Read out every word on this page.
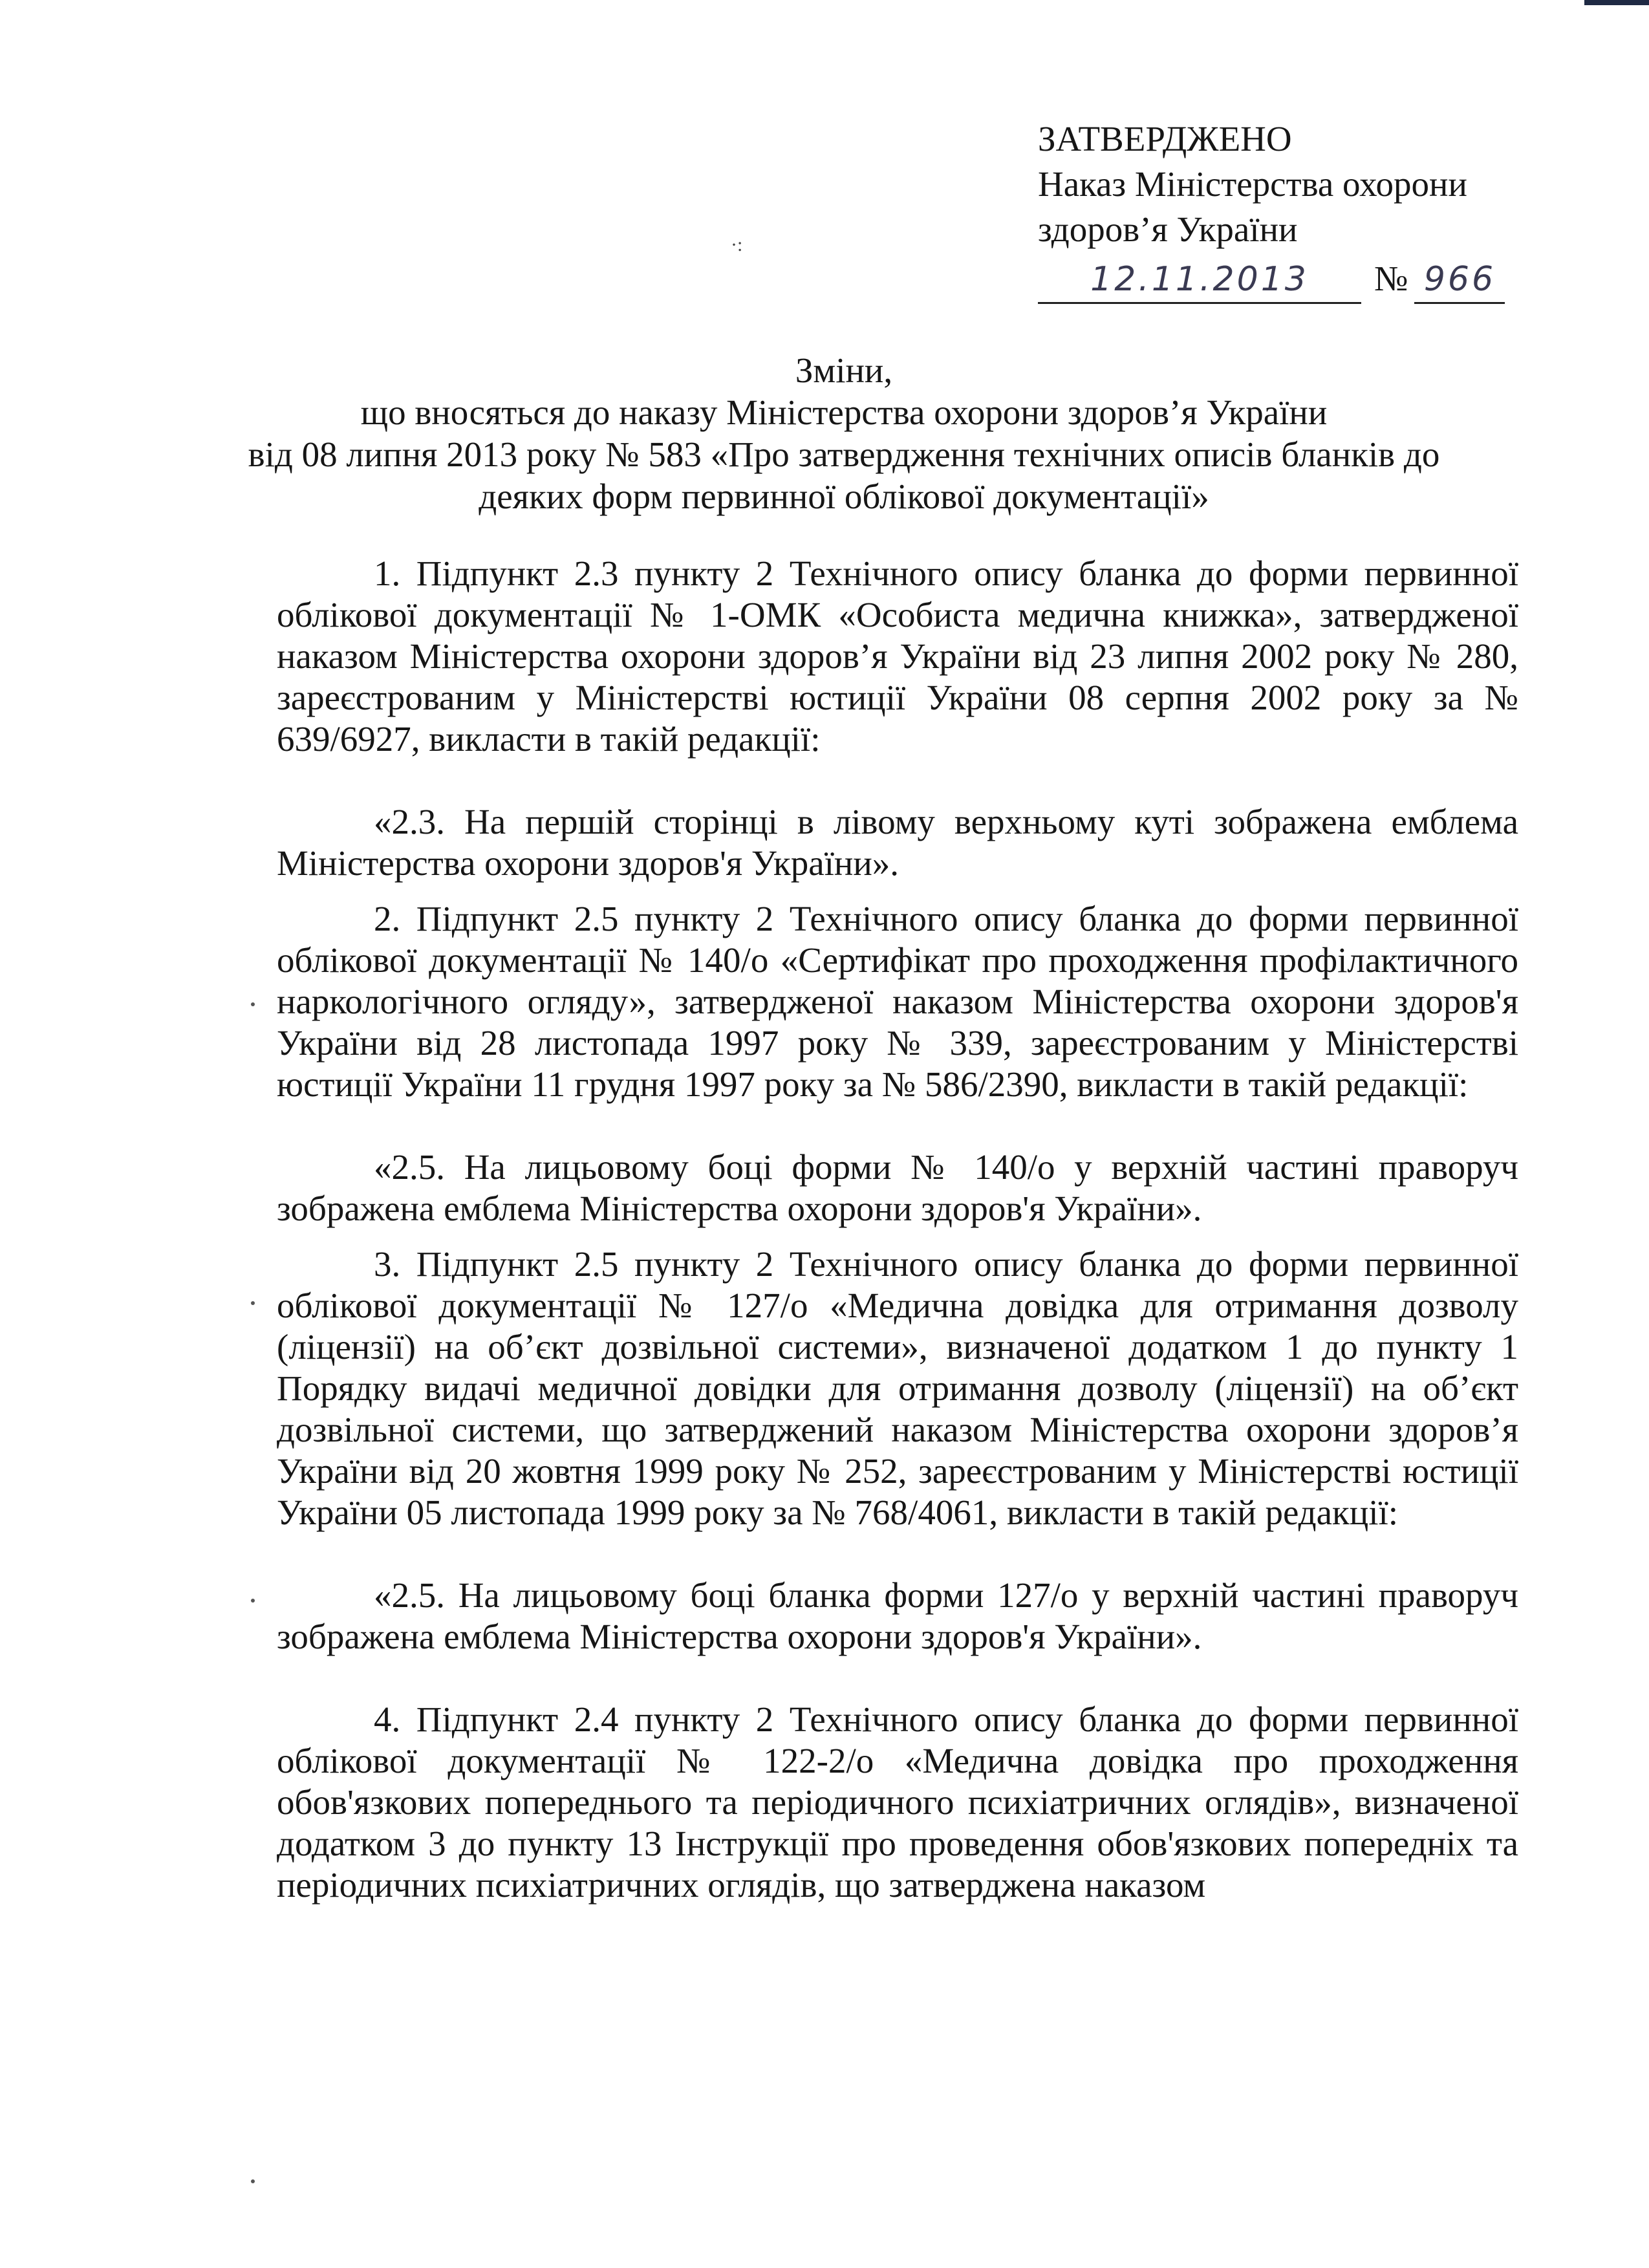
ЗАТВЕРДЖЕНО
Наказ Міністерства охорони
здоров’я України
12.11.2013 № 966
·:
Зміни,
що вносяться до наказу Міністерства охорони здоров’я України
від 08 липня 2013 року № 583 «Про затвердження технічних описів бланків до
деяких форм первинної облікової документації»

1. Підпункт 2.3 пункту 2 Технічного опису бланка до форми первинної облікової документації № 1-ОМК «Особиста медична книжка», затвердженої наказом Міністерства охорони здоров’я України від 23 липня 2002 року № 280, зареєстрованим у Міністерстві юстиції України 08 серпня 2002 року за № 639/6927, викласти в такій редакції:

«2.3. На першій сторінці в лівому верхньому куті зображена емблема Міністерства охорони здоров'я України».

2. Підпункт 2.5 пункту 2 Технічного опису бланка до форми первинної облікової документації № 140/о «Сертифікат про проходження профілактичного наркологічного огляду», затвердженої наказом Міністерства охорони здоров'я України від 28 листопада 1997 року № 339, зареєстрованим у Міністерстві юстиції України 11 грудня 1997 року за № 586/2390, викласти в такій редакції:

«2.5. На лицьовому боці форми № 140/о у верхній частині праворуч зображена емблема Міністерства охорони здоров'я України».

3. Підпункт 2.5 пункту 2 Технічного опису бланка до форми первинної облікової документації № 127/о «Медична довідка для отримання дозволу (ліцензії) на об’єкт дозвільної системи», визначеної додатком 1 до пункту 1 Порядку видачі медичної довідки для отримання дозволу (ліцензії) на об’єкт дозвільної системи, що затверджений наказом Міністерства охорони здоров’я України від 20 жовтня 1999 року № 252, зареєстрованим у Міністерстві юстиції України 05 листопада 1999 року за № 768/4061, викласти в такій редакції:

«2.5. На лицьовому боці бланка форми 127/о у верхній частині праворуч зображена емблема Міністерства охорони здоров'я України».

4. Підпункт 2.4 пункту 2 Технічного опису бланка до форми первинної облікової документації № 122-2/о «Медична довідка про проходження обов'язкових попереднього та періодичного психіатричних оглядів», визначеної додатком 3 до пункту 13 Інструкції про проведення обов'язкових попередніх та періодичних психіатричних оглядів, що затверджена наказом
